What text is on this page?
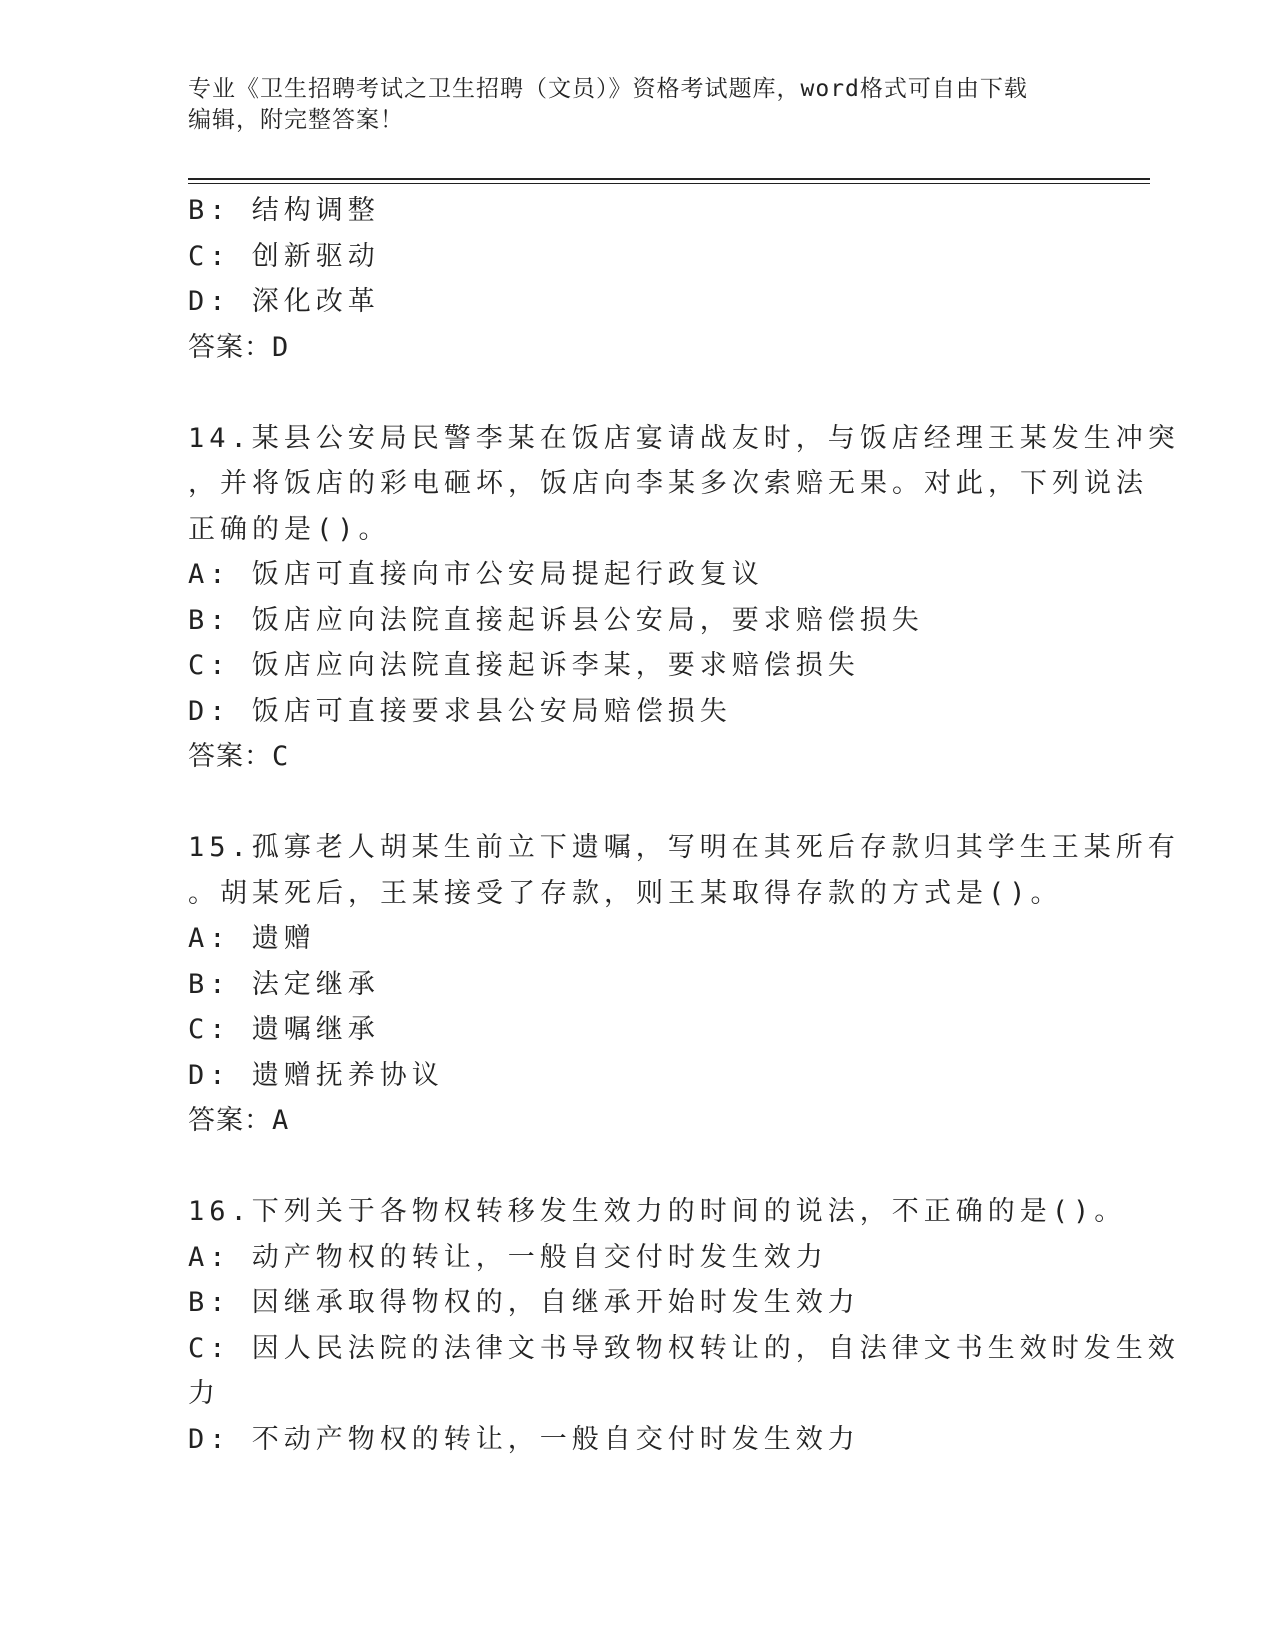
专业《卫生招聘考试之卫生招聘（文员）》资格考试题库，word格式可自由下载
编辑，附完整答案！
B: 结构调整
C: 创新驱动
D: 深化改革
答案：D
14.某县公安局民警李某在饭店宴请战友时，与饭店经理王某发生冲突
，并将饭店的彩电砸坏，饭店向李某多次索赔无果。对此，下列说法
正确的是()。
A: 饭店可直接向市公安局提起行政复议
B: 饭店应向法院直接起诉县公安局，要求赔偿损失
C: 饭店应向法院直接起诉李某，要求赔偿损失
D: 饭店可直接要求县公安局赔偿损失
答案：C
15.孤寡老人胡某生前立下遗嘱，写明在其死后存款归其学生王某所有
。胡某死后，王某接受了存款，则王某取得存款的方式是()。
A: 遗赠
B: 法定继承
C: 遗嘱继承
D: 遗赠抚养协议
答案：A
16.下列关于各物权转移发生效力的时间的说法，不正确的是()。
A: 动产物权的转让，一般自交付时发生效力
B: 因继承取得物权的，自继承开始时发生效力
C: 因人民法院的法律文书导致物权转让的，自法律文书生效时发生效
力
D: 不动产物权的转让，一般自交付时发生效力
